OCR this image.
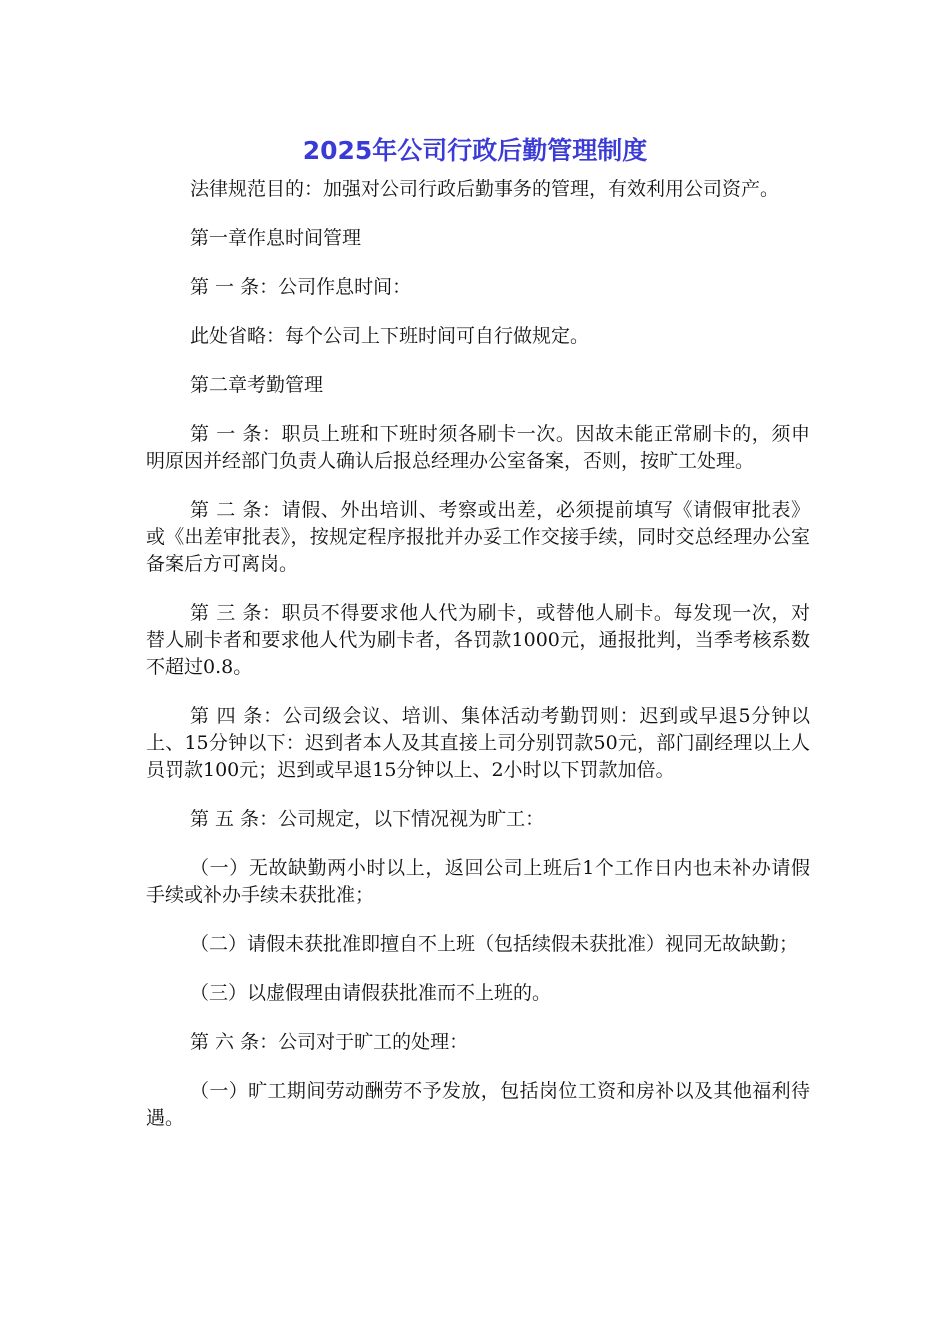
2025年公司行政后勤管理制度

法律规范目的：加强对公司行政后勤事务的管理，有效利用公司资产。

第一章作息时间管理

第 一 条：公司作息时间：

此处省略：每个公司上下班时间可自行做规定。

第二章考勤管理

第 一 条：职员上班和下班时须各刷卡一次。因故未能正常刷卡的，须申明原因并经部门负责人确认后报总经理办公室备案，否则，按旷工处理。

第 二 条：请假、外出培训、考察或出差，必须提前填写《请假审批表》或《出差审批表》，按规定程序报批并办妥工作交接手续，同时交总经理办公室备案后方可离岗。

第 三 条：职员不得要求他人代为刷卡，或替他人刷卡。每发现一次，对替人刷卡者和要求他人代为刷卡者，各罚款1000元，通报批判，当季考核系数不超过0.8。

第 四 条：公司级会议、培训、集体活动考勤罚则：迟到或早退5分钟以上、15分钟以下：迟到者本人及其直接上司分别罚款50元，部门副经理以上人员罚款100元；迟到或早退15分钟以上、2小时以下罚款加倍。

第 五 条：公司规定，以下情况视为旷工：

（一）无故缺勤两小时以上，返回公司上班后1个工作日内也未补办请假手续或补办手续未获批准；

（二）请假未获批准即擅自不上班（包括续假未获批准）视同无故缺勤；

（三）以虚假理由请假获批准而不上班的。

第 六 条：公司对于旷工的处理：

（一）旷工期间劳动酬劳不予发放，包括岗位工资和房补以及其他福利待遇。
